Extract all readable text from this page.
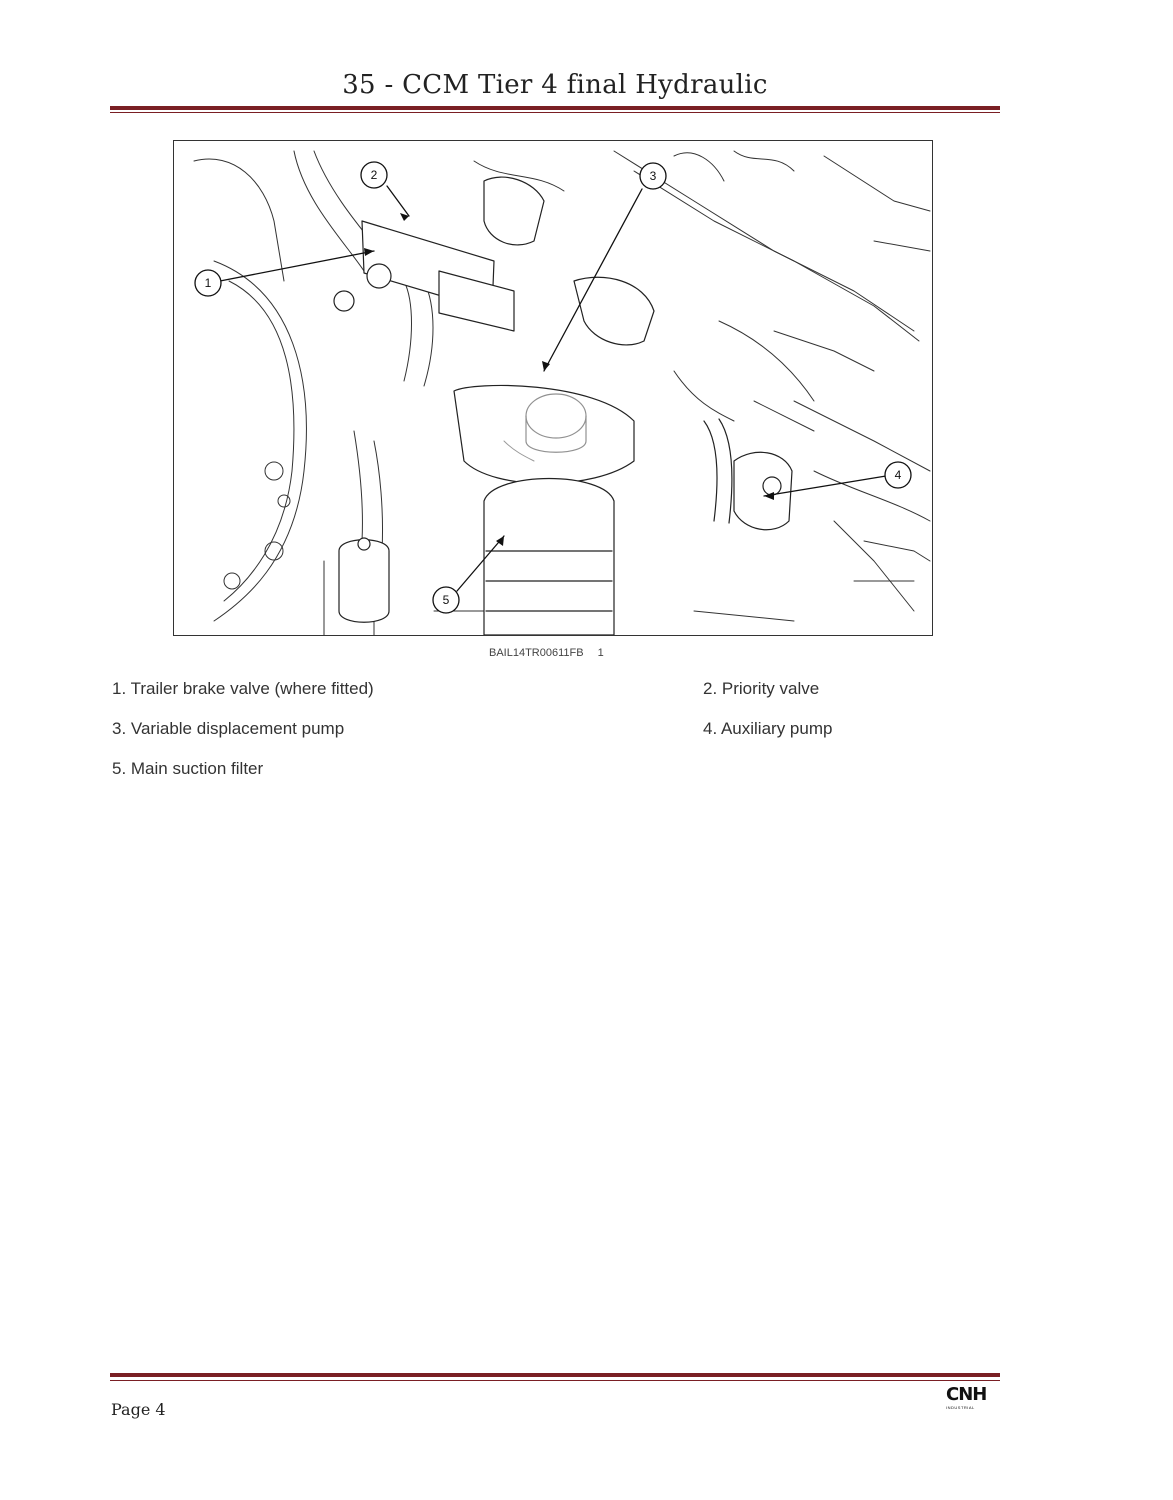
35 - CCM Tier 4 final Hydraulic
1
2	3
4
5
BAIL14TR00611FB 1
1. Trailer brake valve (where fitted)	2. Priority valve
3. Variable displacement pump	4. Auxiliary pump
5. Main suction filter
Page 4
CNH
INDUSTRIAL
